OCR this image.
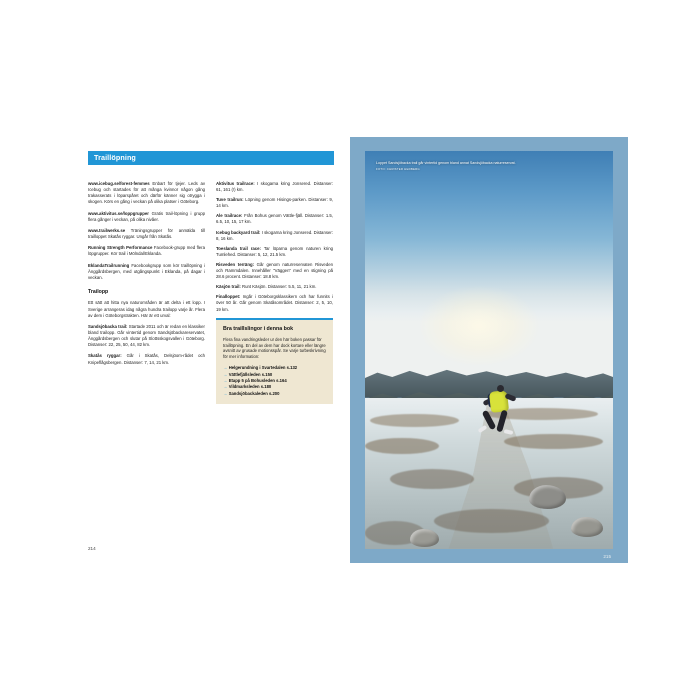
Traillöpning

www.icebug.se/forest-femmes Enbart för tjejer. Leds av Icebug och startades för att många kvinnor någon gång trakasserats i löparspåret och därför känner sig otrygga i skogen. Körs en gång i veckan på olika platser i Göteborg.

www.aktivitus.se/loppgrupper Gratis trail-löpning i grupp flera gånger i veckan, på olika nivåer.

www.trailwerks.se Träningsgrupper för anmälda till trailloppet Skatås ryggar. Ungår från Skatås.

Running Strength Performance Facebook-grupp med flera löpgrupper. Kör trail i Mölndal/Eklanda.

EklandaTrailrunning Facebookgrupp som kör traillöpning i Änggårdsbergen, med utgångspunkt i Eklanda, på dagar i veckan.

Trailopp

Ett sätt att hitta nya naturområden är att delta i ett lopp. I Sverige arrangeras idag några hundra trailopp varje år. Flera av dem i Göteborgstrakten. Här är ett urval:

Sandsjöbacka trail: Startade 2011 och är redan en klassiker bland trailopp. Går vintertid genom Sandsjöbackareservatet, Änggårdsbergen och slutar på Slottsskogsvallen i Göteborg. Distanser: 22, 25, 50, 44, 82 km.

Skatås ryggar: Går i Skatås, Delsjöom-rådet och Knipeflågsbergen. Distanser: 7, 14, 21 km.

Aktivitus trailrace: I skogarna kring Jonsered. Distanser: 61, 161 (!) km.

Tuve trailrun: Löpning genom Hisings-parken. Distanser: 9, 14 km.

Ale trailrace: Från Bohus genom Vättle-fjäll. Distanser: 1.5, 6.5, 10, 15, 17 km.

Icebug backyard trail: I skogarna kring Jonsered. Distanser: 8, 16 km.

Toeslanda trail race: Tar löparna genom naturen kring Tumlehed. Distanser: 5, 12, 21.5 km.

Risveden terräng: Går genom naturreservaten Risveden och Rammdalen. Innehåller "Väggen" med en stigning på 28.6 procent. Distanser: 18.8 km.

Käsjön trail: Runt Käsjön. Distanser: 5.5, 11, 21 km.

Finalloppet: Ingår i Göteborgsklassikern och har funnits i över 50 år. Går genom Skatåsområdet. Distanser: 2, 5, 10, 19 km.

Bra traillslingor i denna bok

Flera fina vandringsleder ur den här boken passar för traillöpning. En del av dem har dock kortare eller längre avsnitt av grusade motionsspår. Se varje turbeskrivning för mer information:

→ Helgerundning i Svartedalen s.132
→ Vättlefjällsleden s.150
→ Etapp 5 på Bohusleden s.164
→ Vildmarksleden s.180
→ Sandsjöbackaleden s.200
214
Loppet Sandsjöbacka trail går vintertid genom bland annat Sandsjöbacka naturreservat.
FOTO: CHRISTER HEDBERG
215
